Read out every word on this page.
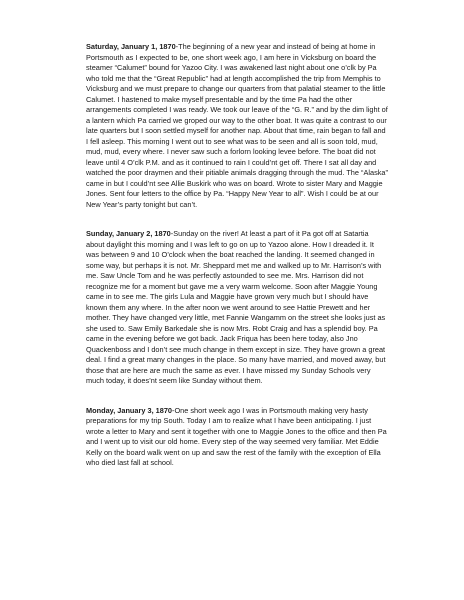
Saturday, January 1, 1870-The beginning of a new year and instead of being at home in Portsmouth as I expected to be, one short week ago, I am here in Vicksburg on board the steamer “Calumet” bound for Yazoo City. I was awakened last night about one o’clk by Pa who told me that the “Great Republic” had at length accomplished the trip from Memphis to Vicksburg and we must prepare to change our quarters from that palatial steamer to the little Calumet. I hastened to make myself presentable and by the time Pa had the other arrangements completed I was ready. We took our leave of the “G. R.” and by the dim light of a lantern which Pa carried we groped our way to the other boat. It was quite a contrast to our late quarters but I soon settled myself for another nap. About that time, rain began to fall and I fell asleep. This morning I went out to see what was to be seen and all is soon told, mud, mud, mud, every where. I never saw such a forlorn looking levee before. The boat did not leave until 4 O’clk P.M. and as it continued to rain I could’nt get off. There I sat all day and watched the poor draymen and their pitiable animals dragging through the mud. The “Alaska” came in but I could’nt see Allie Buskirk who was on board. Wrote to sister Mary and Maggie Jones. Sent four letters to the office by Pa. “Happy New Year to all”. Wish I could be at our New Year’s party tonight but can’t.

Sunday, January 2, 1870-Sunday on the river! At least a part of it Pa got off at Satartia about daylight this morning and I was left to go on up to Yazoo alone. How I dreaded it. It was between 9 and 10 O’clock when the boat reached the landing. It seemed changed in some way, but perhaps it is not. Mr. Sheppard met me and walked up to Mr. Harrison’s with me. Saw Uncle Tom and he was perfectly astounded to see me. Mrs. Harrison did not recognize me for a moment but gave me a very warm welcome. Soon after Maggie Young came in to see me. The girls Lula and Maggie have grown very much but I should have known them any where. In the after noon we went around to see Hattie Prewett and her mother. They have changed very little, met Fannie Wangamm on the street she looks just as she used to. Saw Emily Barkedale she is now Mrs. Robt Craig and has a splendid boy. Pa came in the evening before we got back. Jack Friqua has been here today, also Jno Quackenboss and I don’t see much change in them except in size. They have grown a great deal. I find a great many changes in the place. So many have married, and moved away, but those that are here are much the same as ever. I have missed my Sunday Schools very much today, it does’nt seem like Sunday without them.

Monday, January 3, 1870-One short week ago I was in Portsmouth making very hasty preparations for my trip South. Today I am to realize what I have been anticipating. I just wrote a letter to Mary and sent it together with one to Maggie Jones to the office and then Pa and I went up to visit our old home. Every step of the way seemed very familiar. Met Eddie Kelly on the board walk went on up and saw the rest of the family with the exception of Ella who died last fall at school.
